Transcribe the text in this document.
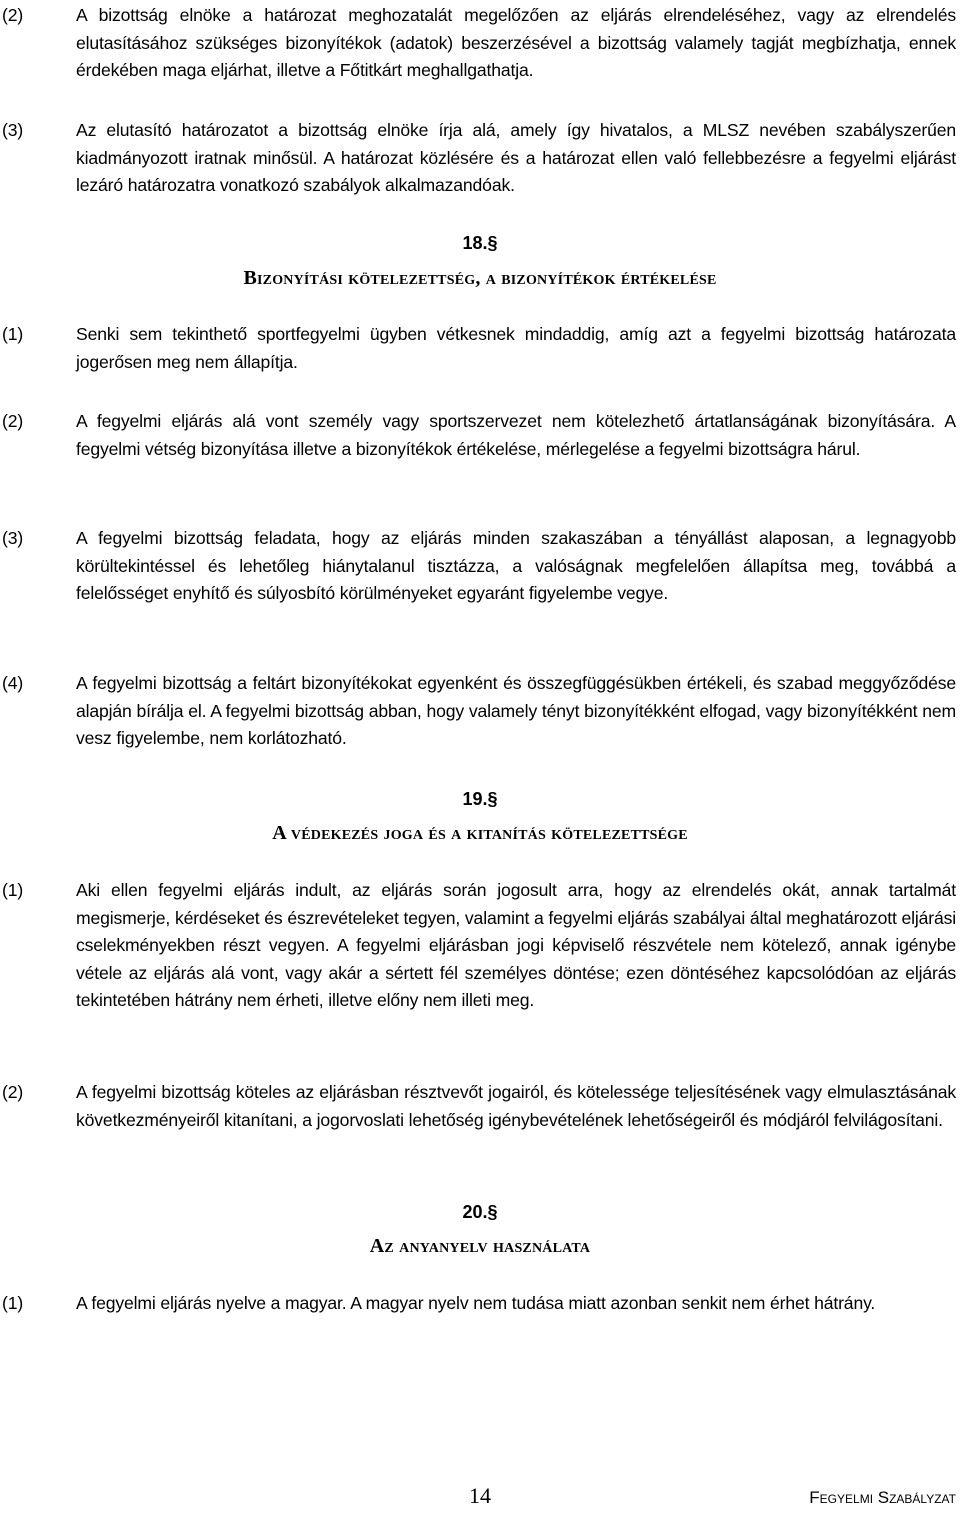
(2)	A bizottság elnöke a határozat meghozatalát megelőzően az eljárás elrendeléséhez, vagy az elrendelés elutasításához szükséges bizonyítékok (adatok) beszerzésével a bizottság valamely tagját megbízhatja, ennek érdekében maga eljárhat, illetve a Főtitkárt meghallgathatja.
(3)	Az elutasító határozatot a bizottság elnöke írja alá, amely így hivatalos, a MLSZ nevében szabályszerűen kiadmányozott iratnak minősül. A határozat közlésére és a határozat ellen való fellebbezésre a fegyelmi eljárást lezáró határozatra vonatkozó szabályok alkalmazandóak.
18.§
Bizonyítási kötelezettség, a bizonyítékok értékelése
(1)	Senki sem tekinthető sportfegyelmi ügyben vétkesnek mindaddig, amíg azt a fegyelmi bizottság határozata jogerősen meg nem állapítja.
(2)	A fegyelmi eljárás alá vont személy vagy sportszervezet nem kötelezhető ártatlanságának bizonyítására. A fegyelmi vétség bizonyítása illetve a bizonyítékok értékelése, mérlegelése a fegyelmi bizottságra hárul.
(3)	A fegyelmi bizottság feladata, hogy az eljárás minden szakaszában a tényállást alaposan, a legnagyobb körültekintéssel és lehetőleg hiánytalanul tisztázza, a valóságnak megfelelően állapítsa meg, továbbá a felelősséget enyhítő és súlyosbító körülményeket egyaránt figyelembe vegye.
(4)	A fegyelmi bizottság a feltárt bizonyítékokat egyenként és összegfüggésükben értékeli, és szabad meggyőződése alapján bírálja el. A fegyelmi bizottság abban, hogy valamely tényt bizonyítékként elfogad, vagy bizonyítékként nem vesz figyelembe, nem korlátozható.
19.§
A védekezés joga és a kitanítás kötelezettsége
(1)	Aki ellen fegyelmi eljárás indult, az eljárás során jogosult arra, hogy az elrendelés okát, annak tartalmát megismerje, kérdéseket és észrevételeket tegyen, valamint a fegyelmi eljárás szabályai által meghatározott eljárási cselekményekben részt vegyen. A fegyelmi eljárásban jogi képviselő részvétele nem kötelező, annak igénybe vétele az eljárás alá vont, vagy akár a sértett fél személyes döntése; ezen döntéséhez kapcsolódóan az eljárás tekintetében hátrány nem érheti, illetve előny nem illeti meg.
(2)	A fegyelmi bizottság köteles az eljárásban résztvevőt jogairól, és kötelessége teljesítésének vagy elmulasztásának következményeiről kitanítani, a jogorvoslati lehetőség igénybevételének lehetőségeiről és módjáról felvilágosítani.
20.§
Az anyanyelv használata
(1)	A fegyelmi eljárás nyelve a magyar. A magyar nyelv nem tudása miatt azonban senkit nem érhet hátrány.
14	Fegyelmi Szabályzat
